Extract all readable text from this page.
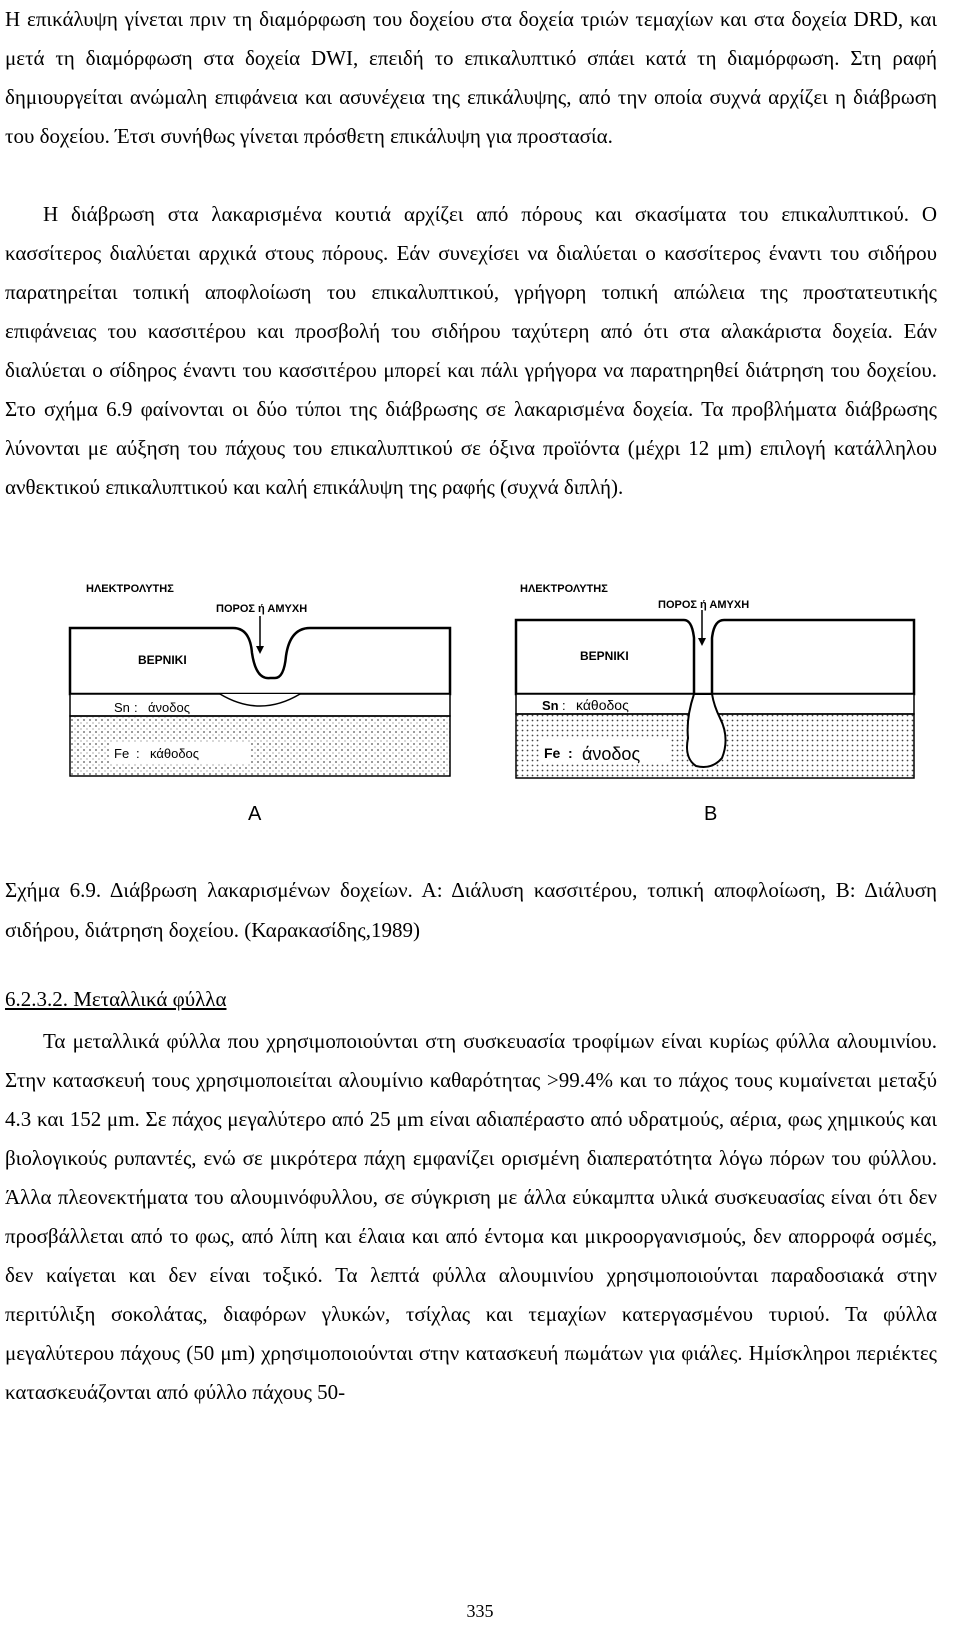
Η επικάλυψη γίνεται πριν τη διαμόρφωση του δοχείου στα δοχεία τριών τεμαχίων και στα δοχεία DRD, και μετά τη διαμόρφωση στα δοχεία DWI, επειδή το επικαλυπτικό σπάει κατά τη διαμόρφωση. Στη ραφή δημιουργείται ανώμαλη επιφάνεια και ασυνέχεια της επικάλυψης, από την οποία συχνά αρχίζει η διάβρωση του δοχείου. Έτσι συνήθως γίνεται πρόσθετη επικάλυψη για προστασία.
Η διάβρωση στα λακαρισμένα κουτιά αρχίζει από πόρους και σκασίματα του επικαλυπτικού. Ο κασσίτερος διαλύεται αρχικά στους πόρους. Εάν συνεχίσει να διαλύεται ο κασσίτερος έναντι του σιδήρου παρατηρείται τοπική αποφλοίωση του επικαλυπτικού, γρήγορη τοπική απώλεια της προστατευτικής επιφάνειας του κασσιτέρου και προσβολή του σιδήρου ταχύτερη από ότι στα αλακάριστα δοχεία. Εάν διαλύεται ο σίδηρος έναντι του κασσιτέρου μπορεί και πάλι γρήγορα να παρατηρηθεί διάτρηση του δοχείου. Στο σχήμα 6.9 φαίνονται οι δύο τύποι της διάβρωσης σε λακαρισμένα δοχεία. Τα προβλήματα διάβρωσης λύνονται με αύξηση του πάχους του επικαλυπτικού σε όξινα προϊόντα (μέχρι 12 μm) επιλογή κατάλληλου ανθεκτικού επικαλυπτικού και καλή επικάλυψη της ραφής (συχνά διπλή).
ΗΛΕΚΤΡΟΛΥΤΗΣ
ΠΟΡΟΣ ή ΑΜΥΧΗ
ΒΕΡΝΙΚΙ
Sn : άνοδος
Fe : κάθοδος
A
ΗΛΕΚΤΡΟΛΥΤΗΣ
ΠΟΡΟΣ ή ΑΜΥΧΗ
ΒΕΡΝΙΚΙ
Sn : κάθοδος
Fe : άνοδος
B
Σχήμα 6.9. Διάβρωση λακαρισμένων δοχείων. Α: Διάλυση κασσιτέρου, τοπική αποφλοίωση, Β: Διάλυση σιδήρου, διάτρηση δοχείου. (Καρακασίδης,1989)
6.2.3.2. Μεταλλικά φύλλα
Τα μεταλλικά φύλλα που χρησιμοποιούνται στη συσκευασία τροφίμων είναι κυρίως φύλλα αλουμινίου. Στην κατασκευή τους χρησιμοποιείται αλουμίνιο καθαρότητας >99.4% και το πάχος τους κυμαίνεται μεταξύ 4.3 και 152 μm. Σε πάχος μεγαλύτερο από 25 μm είναι αδιαπέραστο από υδρατμούς, αέρια, φως χημικούς και βιολογικούς ρυπαντές, ενώ σε μικρότερα πάχη εμφανίζει ορισμένη διαπερατότητα λόγω πόρων του φύλλου. Άλλα πλεονεκτήματα του αλουμινόφυλλου, σε σύγκριση με άλλα εύκαμπτα υλικά συσκευασίας είναι ότι δεν προσβάλλεται από το φως, από λίπη και έλαια και από έντομα και μικροοργανισμούς, δεν απορροφά οσμές, δεν καίγεται και δεν είναι τοξικό. Τα λεπτά φύλλα αλουμινίου χρησιμοποιούνται παραδοσιακά στην περιτύλιξη σοκολάτας, διαφόρων γλυκών, τσίχλας και τεμαχίων κατεργασμένου τυριού. Τα φύλλα μεγαλύτερου πάχους (50 μm) χρησιμοποιούνται στην κατασκευή πωμάτων για φιάλες. Ημίσκληροι περιέκτες κατασκευάζονται από φύλλο πάχους 50-
335
